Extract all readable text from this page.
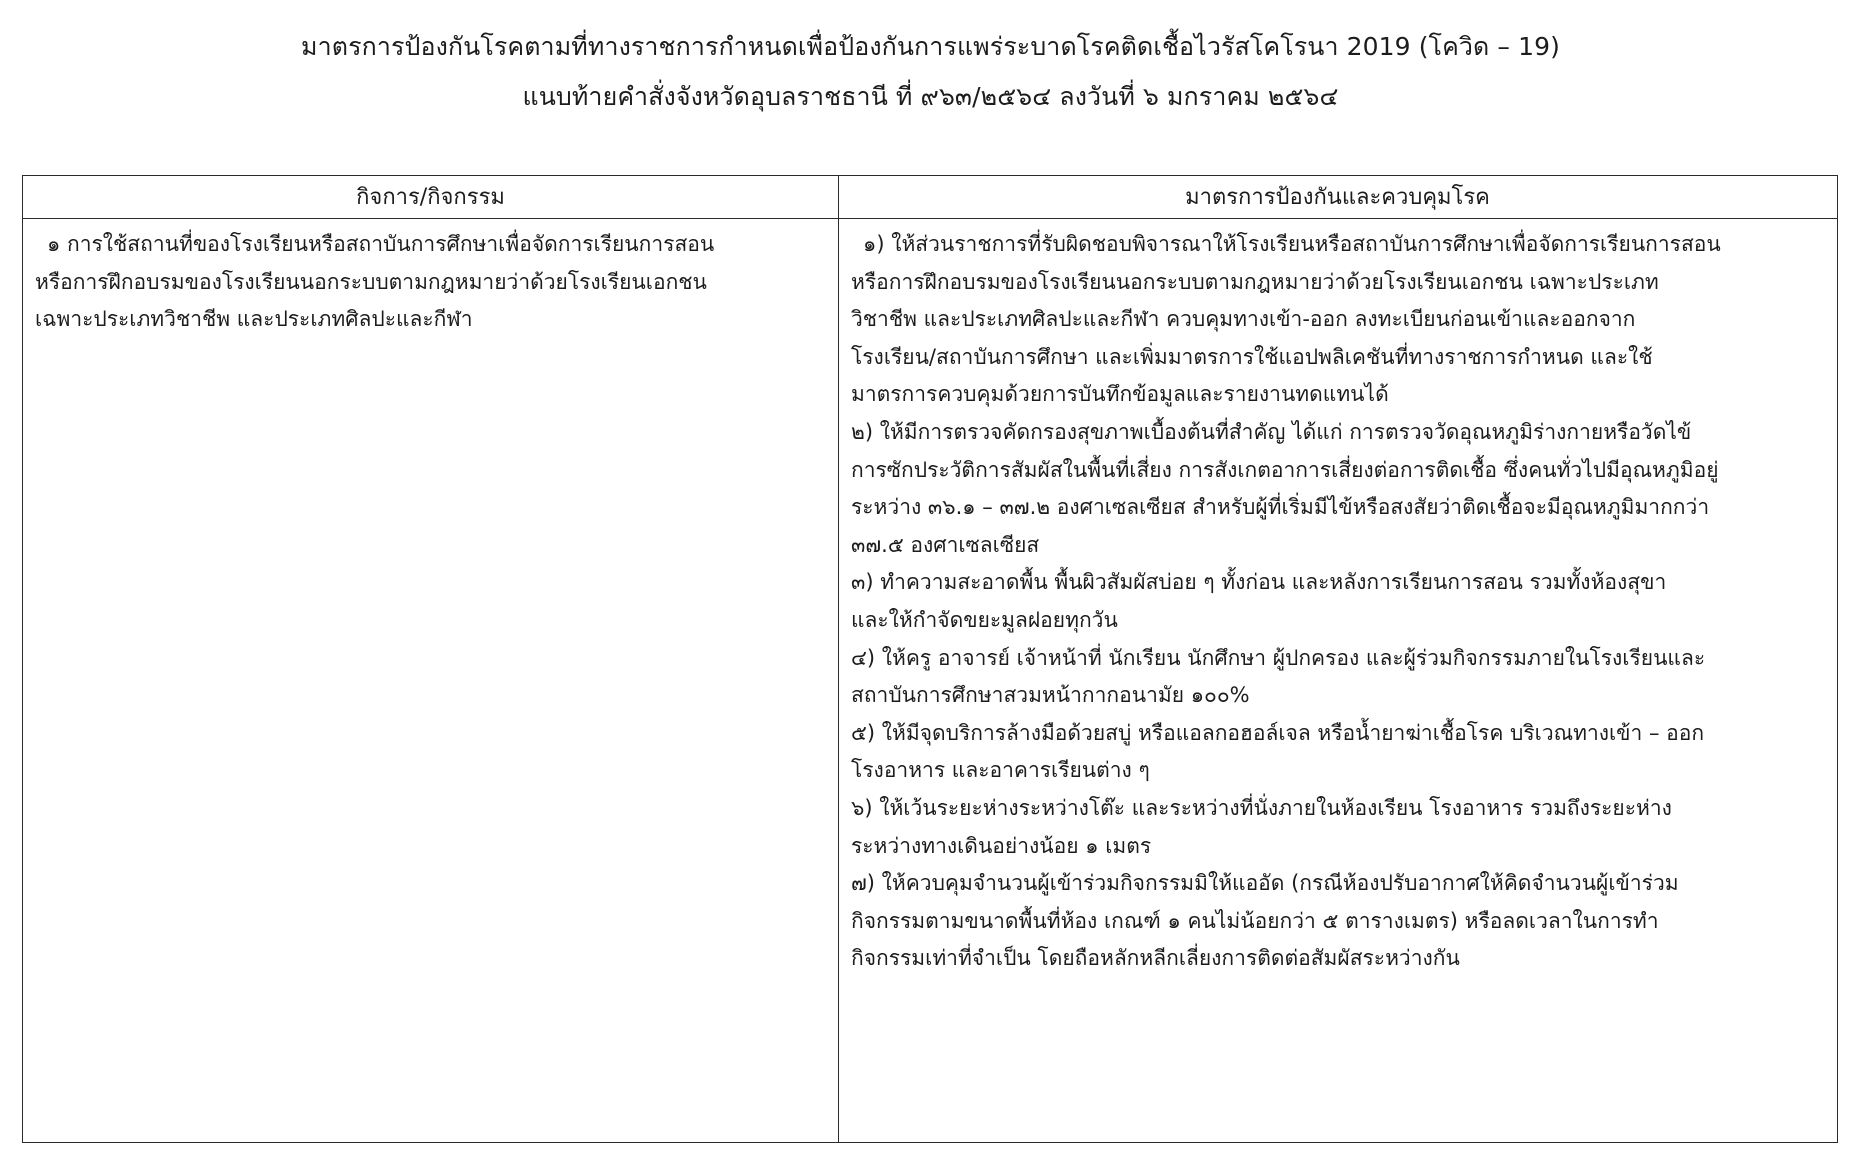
มาตรการป้องกันโรคตามที่ทางราชการกำหนดเพื่อป้องกันการแพร่ระบาดโรคติดเชื้อไวรัสโคโรนา 2019 (โควิด – 19)
แนบท้ายคำสั่งจังหวัดอุบลราชธานี ที่ ๙๖๓/๒๕๖๔ ลงวันที่ ๖ มกราคม ๒๕๖๔
กิจการ/กิจกรรม	มาตรการป้องกันและควบคุมโรค
๑ การใช้สถานที่ของโรงเรียนหรือสถาบันการศึกษาเพื่อจัดการเรียนการสอน
หรือการฝึกอบรมของโรงเรียนนอกระบบตามกฎหมายว่าด้วยโรงเรียนเอกชน
เฉพาะประเภทวิชาชีพ และประเภทศิลปะและกีฬา
๑) ให้ส่วนราชการที่รับผิดชอบพิจารณาให้โรงเรียนหรือสถาบันการศึกษาเพื่อจัดการเรียนการสอน
หรือการฝึกอบรมของโรงเรียนนอกระบบตามกฎหมายว่าด้วยโรงเรียนเอกชน เฉพาะประเภท
วิชาชีพ และประเภทศิลปะและกีฬา ควบคุมทางเข้า-ออก ลงทะเบียนก่อนเข้าและออกจาก
โรงเรียน/สถาบันการศึกษา และเพิ่มมาตรการใช้แอปพลิเคชันที่ทางราชการกำหนด และใช้
มาตรการควบคุมด้วยการบันทึกข้อมูลและรายงานทดแทนได้
๒) ให้มีการตรวจคัดกรองสุขภาพเบื้องต้นที่สำคัญ ได้แก่ การตรวจวัดอุณหภูมิร่างกายหรือวัดไข้
การซักประวัติการสัมผัสในพื้นที่เสี่ยง การสังเกตอาการเสี่ยงต่อการติดเชื้อ ซึ่งคนทั่วไปมีอุณหภูมิอยู่
ระหว่าง ๓๖.๑ – ๓๗.๒ องศาเซลเซียส สำหรับผู้ที่เริ่มมีไข้หรือสงสัยว่าติดเชื้อจะมีอุณหภูมิมากกว่า
๓๗.๕ องศาเซลเซียส
๓) ทำความสะอาดพื้น พื้นผิวสัมผัสบ่อย ๆ ทั้งก่อน และหลังการเรียนการสอน รวมทั้งห้องสุขา
และให้กำจัดขยะมูลฝอยทุกวัน
๔) ให้ครู อาจารย์ เจ้าหน้าที่ นักเรียน นักศึกษา ผู้ปกครอง และผู้ร่วมกิจกรรมภายในโรงเรียนและ
สถาบันการศึกษาสวมหน้ากากอนามัย ๑๐๐%
๕) ให้มีจุดบริการล้างมือด้วยสบู่ หรือแอลกอฮอล์เจล หรือน้ำยาฆ่าเชื้อโรค บริเวณทางเข้า – ออก
โรงอาหาร และอาคารเรียนต่าง ๆ
๖) ให้เว้นระยะห่างระหว่างโต๊ะ และระหว่างที่นั่งภายในห้องเรียน โรงอาหาร รวมถึงระยะห่าง
ระหว่างทางเดินอย่างน้อย ๑ เมตร
๗) ให้ควบคุมจำนวนผู้เข้าร่วมกิจกรรมมิให้แออัด (กรณีห้องปรับอากาศให้คิดจำนวนผู้เข้าร่วม
กิจกรรมตามขนาดพื้นที่ห้อง เกณฑ์ ๑ คนไม่น้อยกว่า ๕ ตารางเมตร) หรือลดเวลาในการทำ
กิจกรรมเท่าที่จำเป็น โดยถือหลักหลีกเลี่ยงการติดต่อสัมผัสระหว่างกัน
